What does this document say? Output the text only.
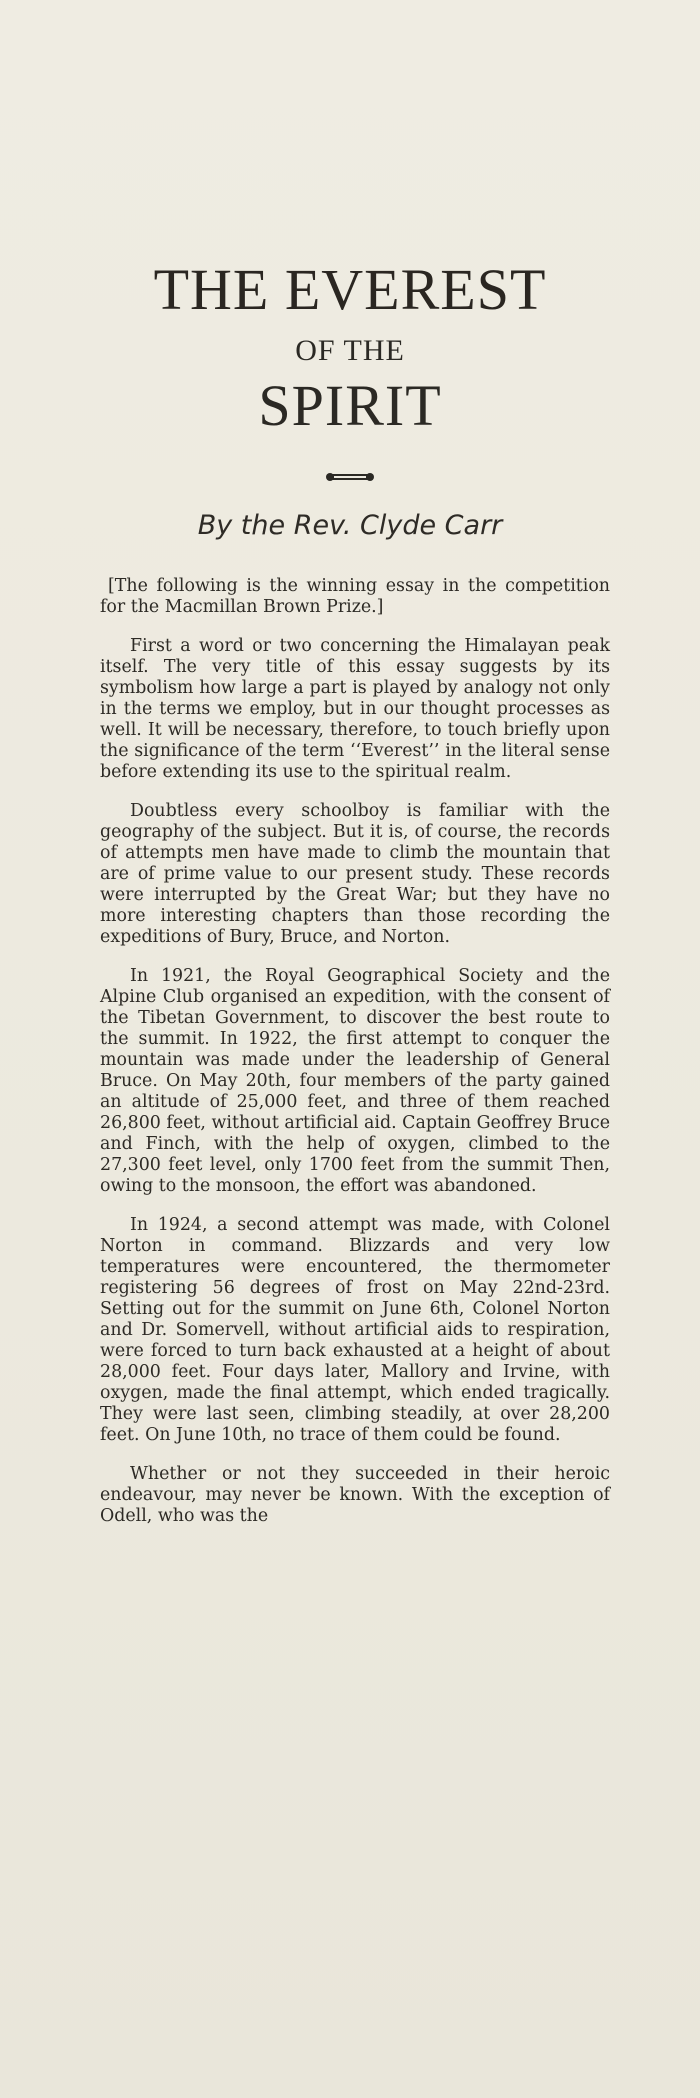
THE EVEREST
OF THE
SPIRIT
By the Rev. Clyde Carr

[The following is the winning essay in the competition for the Macmillan Brown Prize.]

First a word or two concerning the Himalayan peak itself. The very title of this essay suggests by its symbolism how large a part is played by analogy not only in the terms we employ, but in our thought processes as well. It will be necessary, therefore, to touch briefly upon the significance of the term ‘‘Everest’’ in the literal sense before extending its use to the spiritual realm.

Doubtless every schoolboy is familiar with the geography of the subject. But it is, of course, the records of attempts men have made to climb the mountain that are of prime value to our present study. These records were interrupted by the Great War; but they have no more interesting chapters than those recording the expeditions of Bury, Bruce, and Norton.

In 1921, the Royal Geographical Society and the Alpine Club organised an expedition, with the consent of the Tibetan Government, to discover the best route to the summit. In 1922, the first attempt to conquer the mountain was made under the leadership of General Bruce. On May 20th, four members of the party gained an altitude of 25,000 feet, and three of them reached 26,800 feet, without artificial aid. Captain Geoffrey Bruce and Finch, with the help of oxygen, climbed to the 27,300 feet level, only 1700 feet from the summit Then, owing to the monsoon, the effort was abandoned.

In 1924, a second attempt was made, with Colonel Norton in command. Blizzards and very low temperatures were encountered, the thermometer registering 56 degrees of frost on May 22nd-23rd. Setting out for the summit on June 6th, Colonel Norton and Dr. Somervell, without artificial aids to respiration, were forced to turn back exhausted at a height of about 28,000 feet. Four days later, Mallory and Irvine, with oxygen, made the final attempt, which ended tragically. They were last seen, climbing steadily, at over 28,200 feet. On June 10th, no trace of them could be found.

Whether or not they succeeded in their heroic endeavour, may never be known. With the exception of Odell, who was the
